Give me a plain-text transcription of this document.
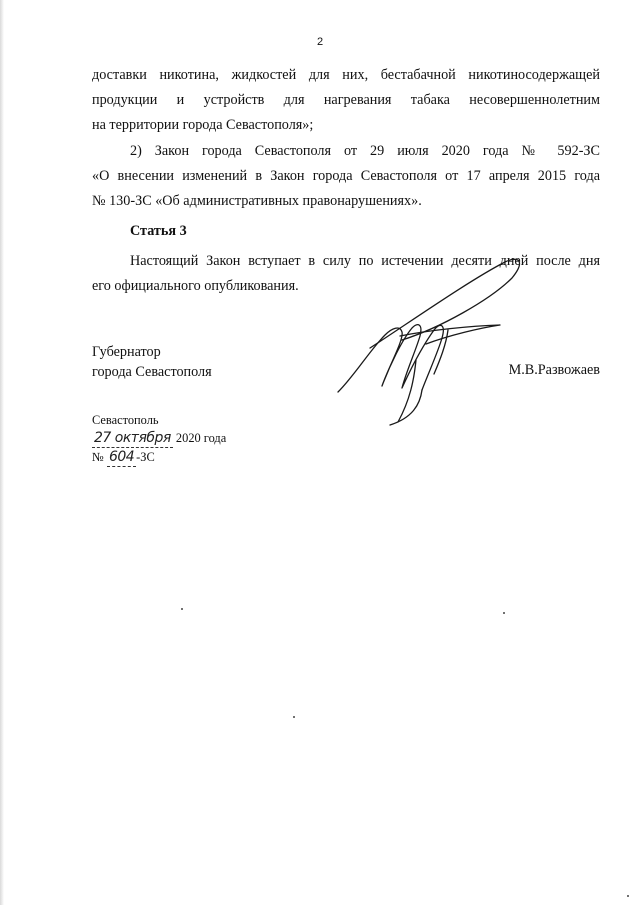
2

доставки никотина, жидкостей для них, бестабачной никотиносодержащей
продукции и устройств для нагревания табака несовершеннолетним
на территории города Севастополя»;

2) Закон города Севастополя от 29 июля 2020 года № 592-ЗС
«О внесении изменений в Закон города Севастополя от 17 апреля 2015 года
№ 130-ЗС «Об административных правонарушениях».

Статья 3

Настоящий Закон вступает в силу по истечении десяти дней после дня
его официального опубликования.

Губернатор
города Севастополя	М.В.Развожаев
Севастополь
27 октября 2020 года
№ 604 -ЗС
